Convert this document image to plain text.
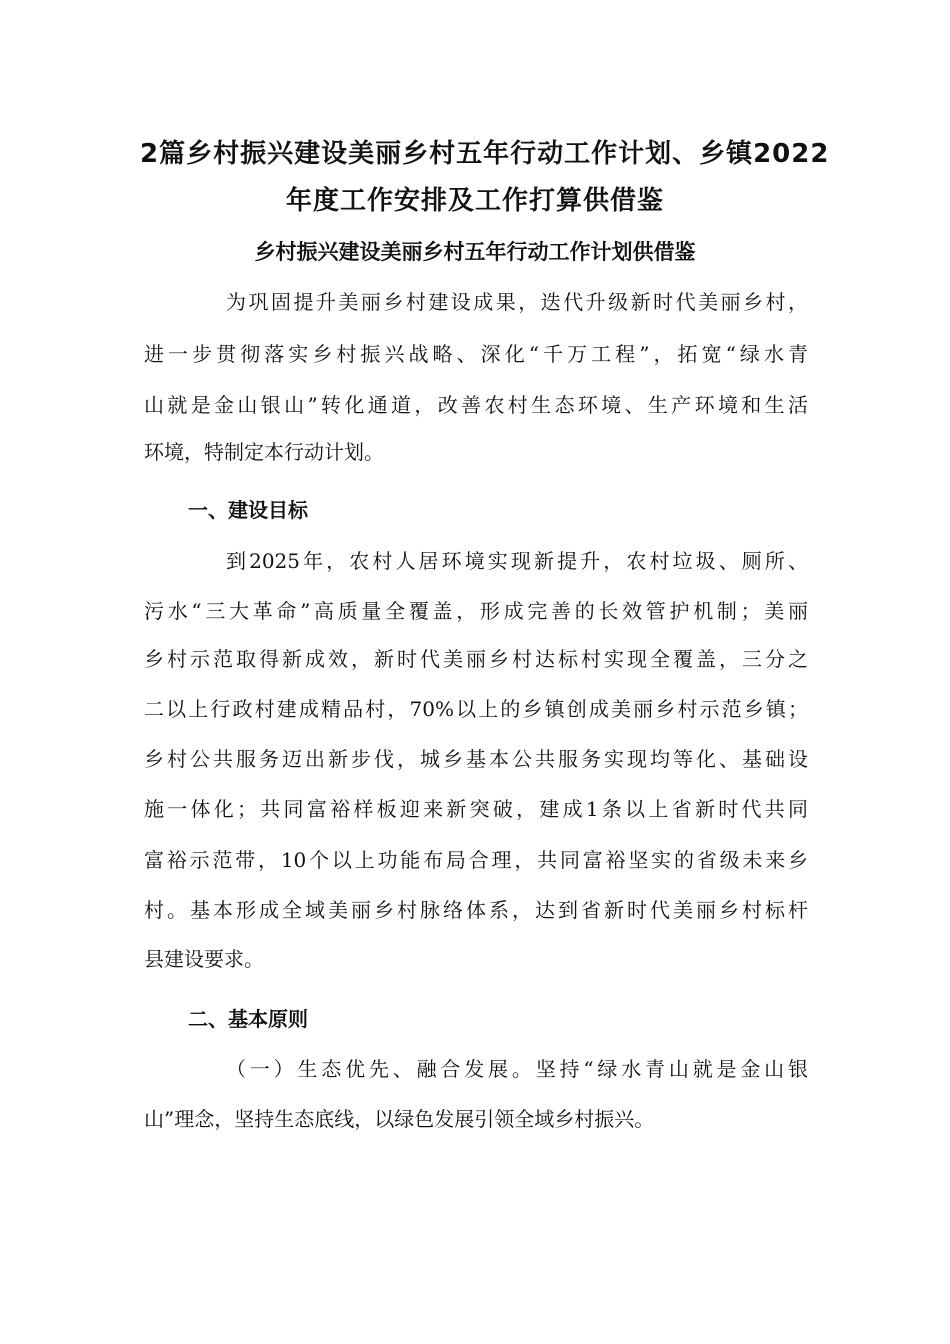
2篇乡村振兴建设美丽乡村五年行动工作计划、乡镇2022
年度工作安排及工作打算供借鉴
乡村振兴建设美丽乡村五年行动工作计划供借鉴
为巩固提升美丽乡村建设成果，迭代升级新时代美丽乡村，
进一步贯彻落实乡村振兴战略、深化“千万工程”，拓宽“绿水青
山就是金山银山”转化通道，改善农村生态环境、生产环境和生活
环境，特制定本行动计划。
一、建设目标
到2025年，农村人居环境实现新提升，农村垃圾、厕所、
污水“三大革命”高质量全覆盖，形成完善的长效管护机制；美丽
乡村示范取得新成效，新时代美丽乡村达标村实现全覆盖，三分之
二以上行政村建成精品村，70%以上的乡镇创成美丽乡村示范乡镇；
乡村公共服务迈出新步伐，城乡基本公共服务实现均等化、基础设
施一体化；共同富裕样板迎来新突破，建成1条以上省新时代共同
富裕示范带，10个以上功能布局合理，共同富裕坚实的省级未来乡
村。基本形成全域美丽乡村脉络体系，达到省新时代美丽乡村标杆
县建设要求。
二、基本原则
（一）生态优先、融合发展。坚持“绿水青山就是金山银
山”理念，坚持生态底线，以绿色发展引领全域乡村振兴。
